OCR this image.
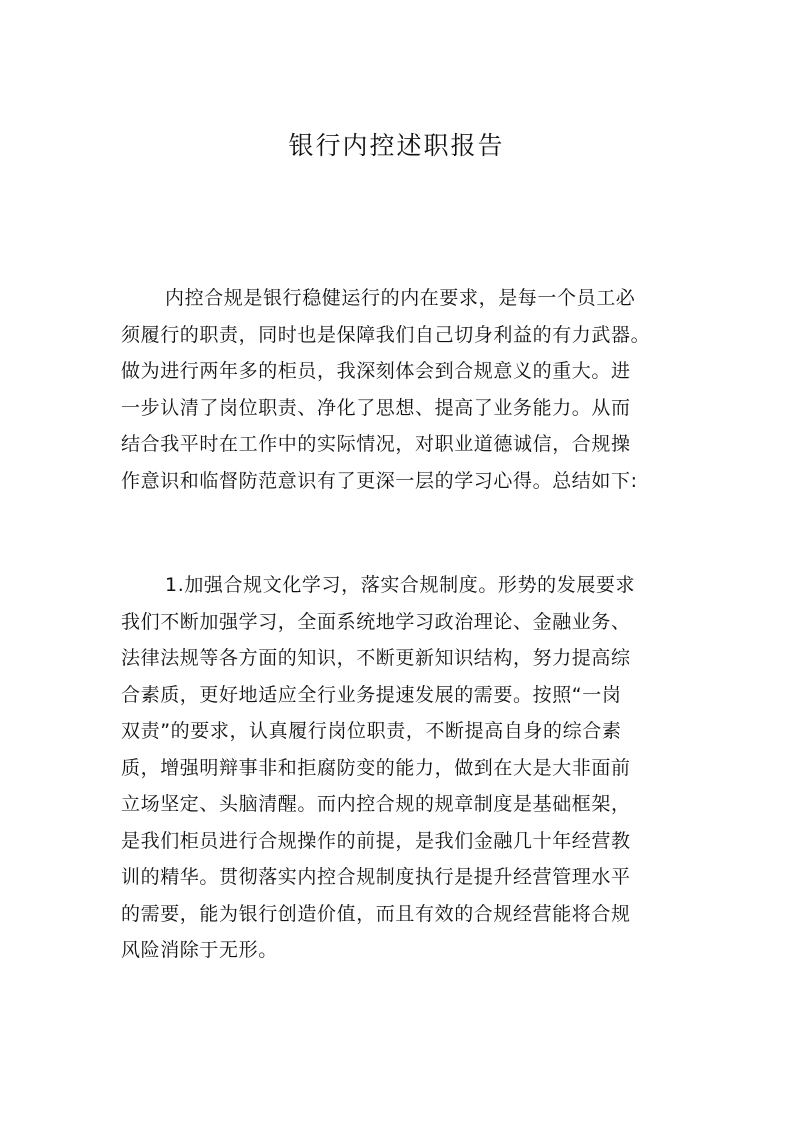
银行内控述职报告
内控合规是银行稳健运行的内在要求，是每一个员工必
须履行的职责，同时也是保障我们自己切身利益的有力武器。
做为进行两年多的柜员，我深刻体会到合规意义的重大。进
一步认清了岗位职责、净化了思想、提高了业务能力。从而
结合我平时在工作中的实际情况，对职业道德诚信，合规操
作意识和临督防范意识有了更深一层的学习心得。总结如下:
1.加强合规文化学习，落实合规制度。形势的发展要求
我们不断加强学习，全面系统地学习政治理论、金融业务、
法律法规等各方面的知识，不断更新知识结构，努力提高综
合素质，更好地适应全行业务提速发展的需要。按照“一岗
双责”的要求，认真履行岗位职责，不断提高自身的综合素
质，增强明辩事非和拒腐防变的能力，做到在大是大非面前
立场坚定、头脑清醒。而内控合规的规章制度是基础框架，
是我们柜员进行合规操作的前提，是我们金融几十年经营教
训的精华。贯彻落实内控合规制度执行是提升经营管理水平
的需要，能为银行创造价值，而且有效的合规经营能将合规
风险消除于无形。
